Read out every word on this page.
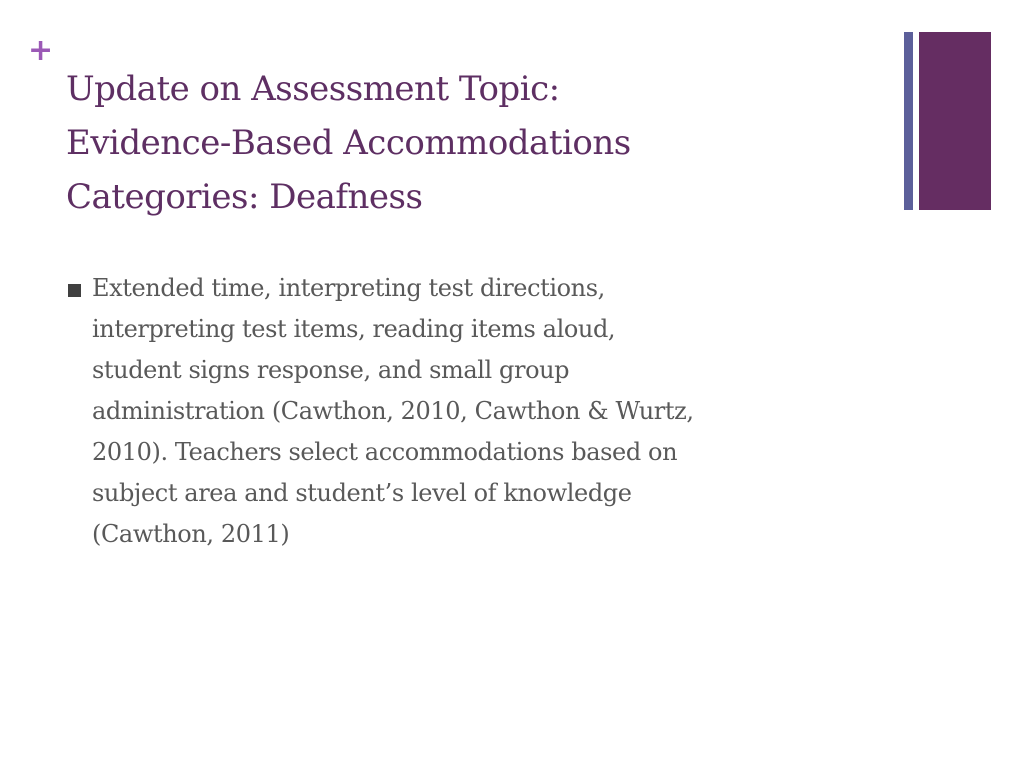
+
Update on Assessment Topic:
Evidence-Based Accommodations
Categories: Deafness
Extended time, interpreting test directions,
interpreting test items, reading items aloud,
student signs response, and small group
administration (Cawthon, 2010, Cawthon & Wurtz,
2010). Teachers select accommodations based on
subject area and student’s level of knowledge
(Cawthon, 2011)
